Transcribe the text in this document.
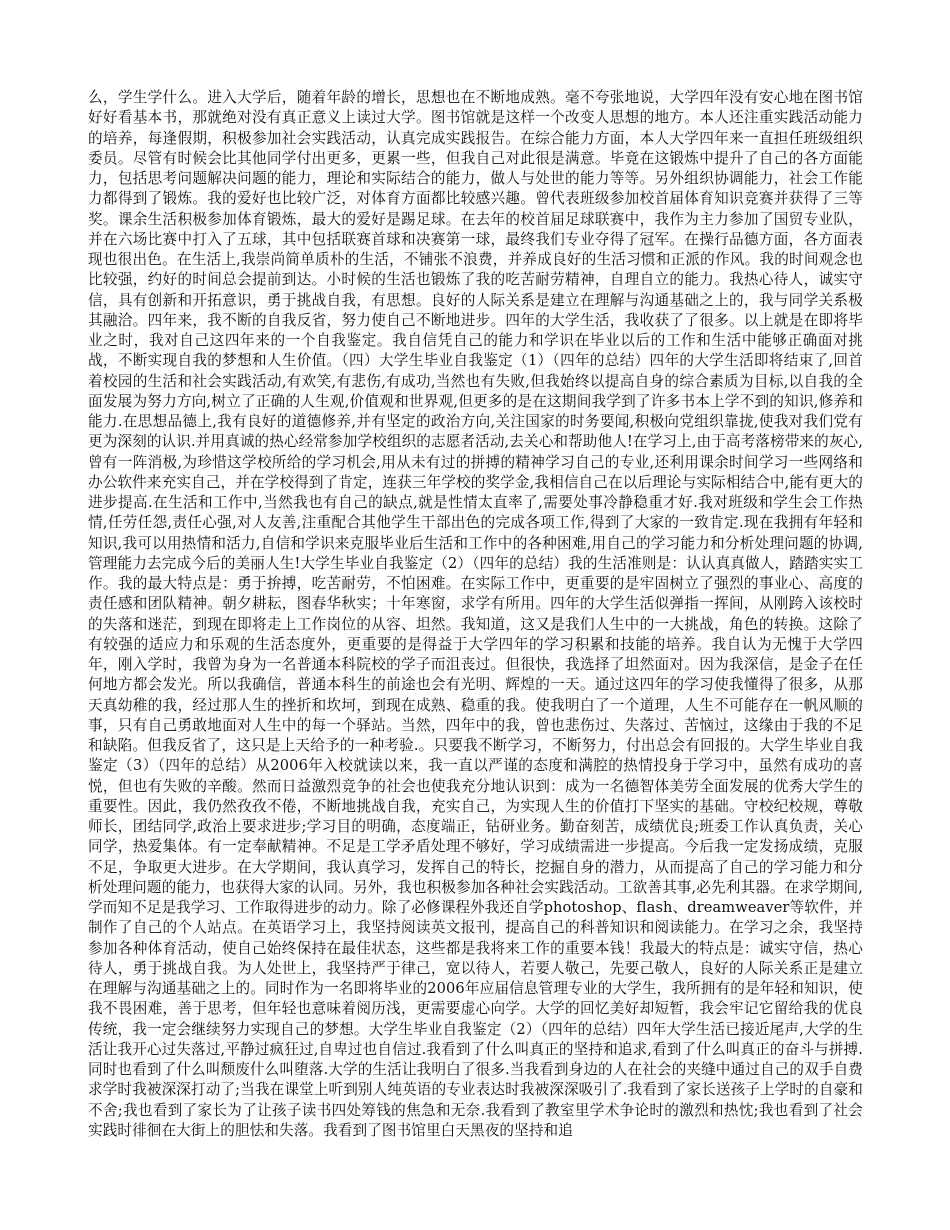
么，学生学什么。进入大学后，随着年龄的增长，思想也在不断地成熟。毫不夸张地说，大学四年没有安心地在图书馆好好看基本书，那就绝对没有真正意义上读过大学。图书馆就是这样一个改变人思想的地方。本人还注重实践活动能力的培养，每逢假期，积极参加社会实践活动，认真完成实践报告。在综合能力方面，本人大学四年来一直担任班级组织委员。尽管有时候会比其他同学付出更多，更累一些，但我自己对此很是满意。毕竟在这锻炼中提升了自己的各方面能力，包括思考问题解决问题的能力，理论和实际结合的能力，做人与处世的能力等等。另外组织协调能力，社会工作能力都得到了锻炼。我的爱好也比较广泛，对体育方面都比较感兴趣。曾代表班级参加校首届体育知识竞赛并获得了三等奖。课余生活积极参加体育锻炼，最大的爱好是踢足球。在去年的校首届足球联赛中，我作为主力参加了国贸专业队，并在六场比赛中打入了五球，其中包括联赛首球和决赛第一球，最终我们专业夺得了冠军。在操行品德方面，各方面表现也很出色。在生活上,我崇尚简单质朴的生活，不铺张不浪费，并养成良好的生活习惯和正派的作风。我的时间观念也比较强，约好的时间总会提前到达。小时候的生活也锻炼了我的吃苦耐劳精神，自理自立的能力。我热心待人，诚实守信，具有创新和开拓意识，勇于挑战自我，有思想。良好的人际关系是建立在理解与沟通基础之上的，我与同学关系极其融洽。四年来，我不断的自我反省，努力使自己不断地进步。四年的大学生活，我收获了了很多。以上就是在即将毕业之时，我对自己这四年来的一个自我鉴定。我自信凭自己的能力和学识在毕业以后的工作和生活中能够正确面对挑战，不断实现自我的梦想和人生价值。（四）大学生毕业自我鉴定（1）（四年的总结）四年的大学生活即将结束了,回首着校园的生活和社会实践活动,有欢笑,有悲伤,有成功,当然也有失败,但我始终以提高自身的综合素质为目标,以自我的全面发展为努力方向,树立了正确的人生观,价值观和世界观,但更多的是在这期间我学到了许多书本上学不到的知识,修养和能力.在思想品德上,我有良好的道德修养,并有坚定的政治方向,关注国家的时务要闻,积极向党组织靠拢,使我对我们党有更为深刻的认识.并用真诚的热心经常参加学校组织的志愿者活动,去关心和帮助他人!在学习上,由于高考落榜带来的灰心,曾有一阵消极,为珍惜这学校所给的学习机会,用从未有过的拼搏的精神学习自己的专业,还利用课余时间学习一些网络和办公软件来充实自己，并在学校得到了肯定，连获三年学校的奖学金,我相信自己在以后理论与实际相结合中,能有更大的进步提高.在生活和工作中,当然我也有自己的缺点,就是性情太直率了,需要处事冷静稳重才好.我对班级和学生会工作热情,任劳任怨,责任心强,对人友善,注重配合其他学生干部出色的完成各项工作,得到了大家的一致肯定.现在我拥有年轻和知识,我可以用热情和活力,自信和学识来克服毕业后生活和工作中的各种困难,用自己的学习能力和分析处理问题的协调,管理能力去完成今后的美丽人生!大学生毕业自我鉴定（2）（四年的总结）我的生活准则是：认认真真做人，踏踏实实工作。我的最大特点是：勇于拚搏，吃苦耐劳，不怕困难。在实际工作中，更重要的是牢固树立了强烈的事业心、高度的责任感和团队精神。朝夕耕耘，图春华秋实；十年寒窗，求学有所用。四年的大学生活似弹指一挥间，从刚跨入该校时的失落和迷茫，到现在即将走上工作岗位的从容、坦然。我知道，这又是我们人生中的一大挑战，角色的转换。这除了有较强的适应力和乐观的生活态度外，更重要的是得益于大学四年的学习积累和技能的培养。我自认为无愧于大学四年，刚入学时，我曾为身为一名普通本科院校的学子而沮丧过。但很快，我选择了坦然面对。因为我深信，是金子在任何地方都会发光。所以我确信，普通本科生的前途也会有光明、辉煌的一天。通过这四年的学习使我懂得了很多，从那天真幼稚的我，经过那人生的挫折和坎坷，到现在成熟、稳重的我。使我明白了一个道理，人生不可能存在一帆风顺的事，只有自己勇敢地面对人生中的每一个驿站。当然，四年中的我，曾也悲伤过、失落过、苦恼过，这缘由于我的不足和缺陷。但我反省了，这只是上天给予的一种考验.。只要我不断学习，不断努力，付出总会有回报的。大学生毕业自我鉴定（3）（四年的总结）从2006年入校就读以来，我一直以严谨的态度和满腔的热情投身于学习中，虽然有成功的喜悦，但也有失败的辛酸。然而日益激烈竞争的社会也使我充分地认识到：成为一名德智体美劳全面发展的优秀大学生的重要性。因此，我仍然孜孜不倦，不断地挑战自我，充实自己，为实现人生的价值打下坚实的基础。守校纪校规，尊敬师长，团结同学,政治上要求进步;学习目的明确，态度端正，钻研业务。勤奋刻苦，成绩优良;班委工作认真负责，关心同学，热爱集体。有一定奉献精神。不足是工学矛盾处理不够好，学习成绩需进一步提高。今后我一定发扬成绩，克服不足，争取更大进步。在大学期间，我认真学习，发挥自己的特长，挖掘自身的潜力，从而提高了自己的学习能力和分析处理问题的能力，也获得大家的认同。另外，我也积极参加各种社会实践活动。工欲善其事,必先利其器。在求学期间,学而知不足是我学习、工作取得进步的动力。除了必修课程外我还自学photoshop、flash、dreamweaver等软件，并制作了自己的个人站点。在英语学习上，我坚持阅读英文报刊，提高自己的科普知识和阅读能力。在学习之余，我坚持参加各种体育活动，使自己始终保持在最佳状态，这些都是我将来工作的重要本钱！我最大的特点是：诚实守信，热心待人，勇于挑战自我。为人处世上，我坚持严于律己，宽以待人，若要人敬己，先要己敬人，良好的人际关系正是建立在理解与沟通基础之上的。同时作为一名即将毕业的2006年应届信息管理专业的大学生，我所拥有的是年轻和知识，使我不畏困难，善于思考，但年轻也意味着阅历浅，更需要虚心向学。大学的回忆美好却短暂，我会牢记它留给我的优良传统，我一定会继续努力实现自己的梦想。大学生毕业自我鉴定（2）（四年的总结）四年大学生活已接近尾声,大学的生活让我开心过失落过,平静过疯狂过,自卑过也自信过.我看到了什么叫真正的坚持和追求,看到了什么叫真正的奋斗与拼搏.同时也看到了什么叫颓废什么叫堕落.大学的生活让我明白了很多.当我看到身边的人在社会的夹缝中通过自己的双手自费求学时我被深深打动了;当我在课堂上听到别人纯英语的专业表达时我被深深吸引了.我看到了家长送孩子上学时的自豪和不舍;我也看到了家长为了让孩子读书四处筹钱的焦急和无奈.我看到了教室里学术争论时的激烈和热忱;我也看到了社会实践时徘徊在大街上的胆怯和失落。我看到了图书馆里白天黑夜的坚持和追
